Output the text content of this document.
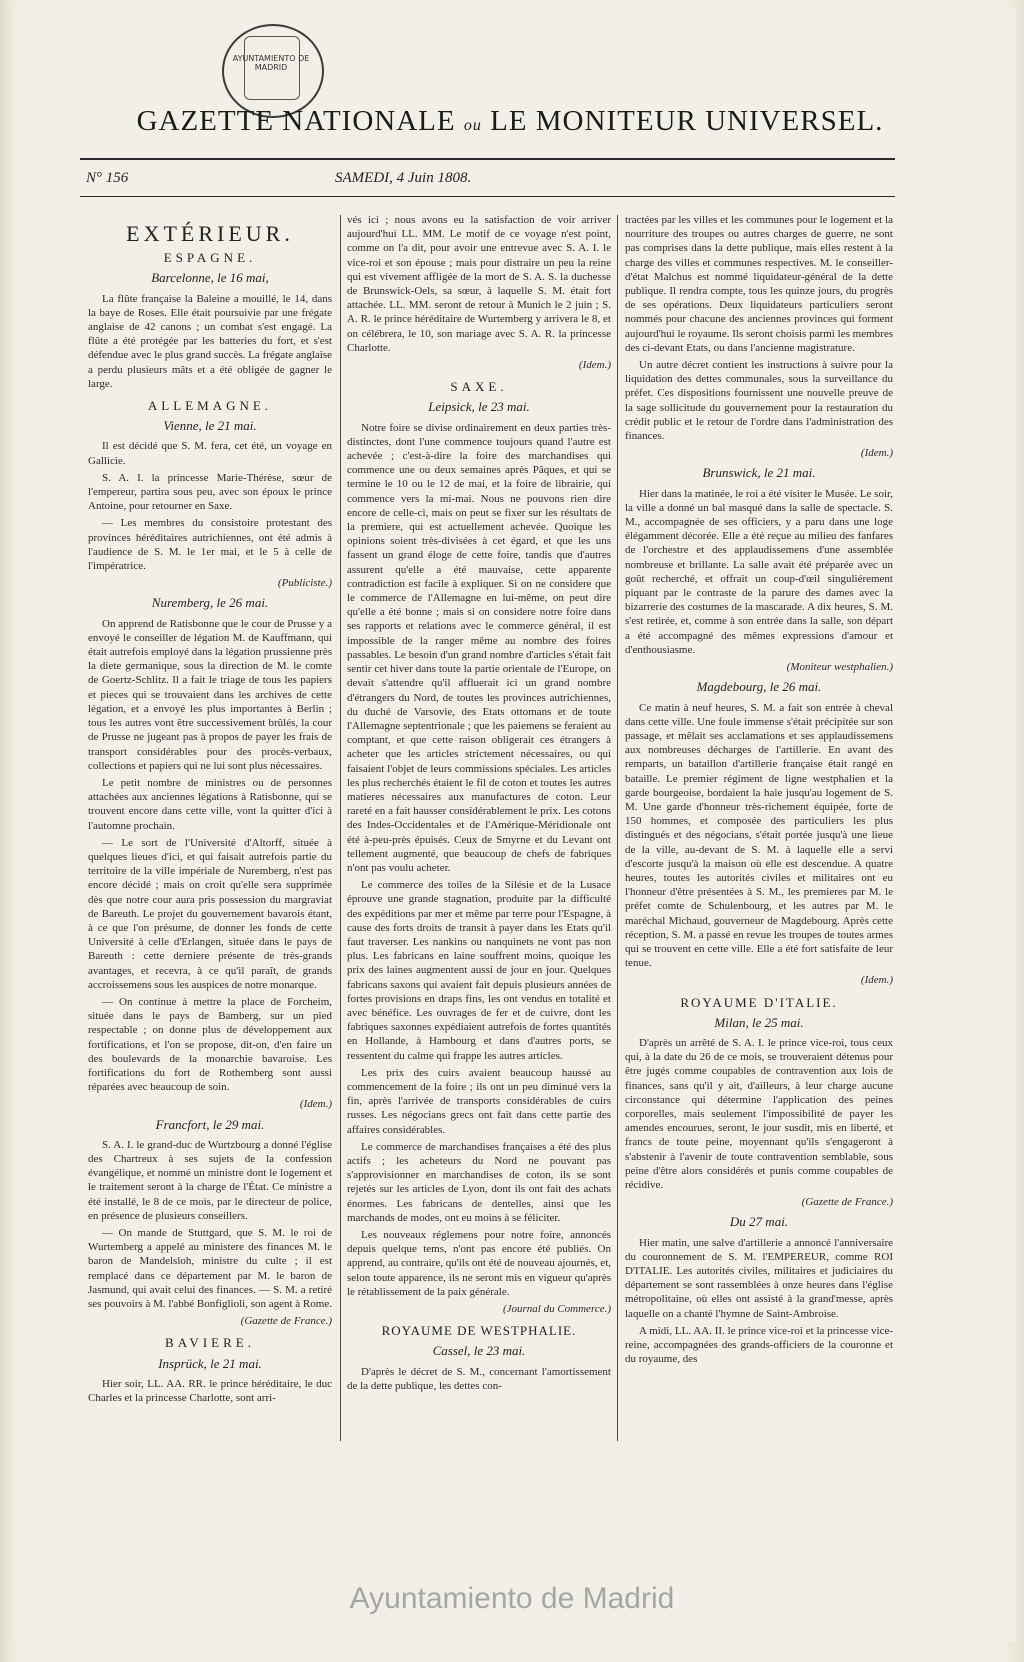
AYUNTAMIENTO DE MADRID
GAZETTE NATIONALE ou LE MONITEUR UNIVERSEL.
N° 156	SAMEDI, 4 Juin 1808.
EXTÉRIEUR.
ESPAGNE.
Barcelonne, le 16 mai,

La flûte française la Baleine a mouillé, le 14, dans la baye de Roses. Elle était poursuivie par une frégate anglaise de 42 canons ; un combat s'est engagé. La flûte a été protégée par les batteries du fort, et s'est défendue avec le plus grand succès. La frégate anglaise a perdu plusieurs mâts et a été obligée de gagner le large.

ALLEMAGNE.
Vienne, le 21 mai.

Il est décidé que S. M. fera, cet été, un voyage en Gallicie.

S. A. I. la princesse Marie-Thérèse, sœur de l'empereur, partira sous peu, avec son époux le prince Antoine, pour retourner en Saxe.

— Les membres du consistoire protestant des provinces héréditaires autrichiennes, ont été admis à l'audience de S. M. le 1er mai, et le 5 à celle de l'impératrice.

(Publiciste.)

Nuremberg, le 26 mai.

On apprend de Ratisbonne que le cour de Prusse y a envoyé le conseiller de légation M. de Kauffmann, qui était autrefois employé dans la légation prussienne près la diete germanique, sous la direction de M. le comte de Goertz-Schlitz. Il a fait le triage de tous les papiers et pieces qui se trouvaient dans les archives de cette légation, et a envoyé les plus importantes à Berlin ; tous les autres vont être successivement brûlés, la cour de Prusse ne jugeant pas à propos de payer les frais de transport considérables pour des procès-verbaux, collections et papiers qui ne lui sont plus nécessaires.

Le petit nombre de ministres ou de personnes attachées aux anciennes légations à Ratisbonne, qui se trouvent encore dans cette ville, vont la quitter d'ici à l'automne prochain.

— Le sort de l'Université d'Altorff, située à quelques lieues d'ici, et qui faisait autrefois partie du territoire de la ville impériale de Nuremberg, n'est pas encore décidé ; mais on croit qu'elle sera supprimée dès que notre cour aura pris possession du margraviat de Bareuth. Le projet du gouvernement bavarois étant, à ce que l'on présume, de donner les fonds de cette Université à celle d'Erlangen, située dans le pays de Bareuth : cette derniere présente de très-grands avantages, et recevra, à ce qu'il paraît, de grands accroissemens sous les auspices de notre monarque.

— On continue à mettre la place de Forcheim, située dans le pays de Bamberg, sur un pied respectable ; on donne plus de développement aux fortifications, et l'on se propose, dit-on, d'en faire un des boulevards de la monarchie bavaroise. Les fortifications du fort de Rothemberg sont aussi réparées avec beaucoup de soin.

(Idem.)

Francfort, le 29 mai.

S. A. I. le grand-duc de Wurtzbourg a donné l'église des Chartreux à ses sujets de la confession évangélique, et nommé un ministre dont le logement et le traitement seront à la charge de l'État. Ce ministre a été installé, le 8 de ce mois, par le directeur de police, en présence de plusieurs conseillers.

— On mande de Stuttgard, que S. M. le roi de Wurtemberg a appelé au ministere des finances M. le baron de Mandelsloh, ministre du culte ; il est remplacé dans ce département par M. le baron de Jasmund, qui avait celui des finances. — S. M. a retiré ses pouvoirs à M. l'abbé Bonfiglioli, son agent à Rome.

(Gazette de France.)

BAVIERE.
Insprück, le 21 mai.

Hier soir, LL. AA. RR. le prince héréditaire, le duc Charles et la princesse Charlotte, sont arri-

vés ici ; nous avons eu la satisfaction de voir arriver aujourd'hui LL. MM. Le motif de ce voyage n'est point, comme on l'a dit, pour avoir une entrevue avec S. A. I. le vice-roi et son épouse ; mais pour distraire un peu la reine qui est vivement affligée de la mort de S. A. S. la duchesse de Brunswick-Oels, sa sœur, à laquelle S. M. était fort attachée. LL. MM. seront de retour à Munich le 2 juin ; S. A. R. le prince héréditaire de Wurtemberg y arrivera le 8, et on célébrera, le 10, son mariage avec S. A. R. la princesse Charlotte.

(Idem.)

SAXE.
Leipsick, le 23 mai.

Notre foire se divise ordinairement en deux parties très-distinctes, dont l'une commence toujours quand l'autre est achevée ; c'est-à-dire la foire des marchandises qui commence une ou deux semaines après Pâques, et qui se termine le 10 ou le 12 de mai, et la foire de librairie, qui commence vers la mi-mai. Nous ne pouvons rien dire encore de celle-ci, mais on peut se fixer sur les résultats de la premiere, qui est actuellement achevée. Quoique les opinions soient très-divisées à cet égard, et que les uns fassent un grand éloge de cette foire, tandis que d'autres assurent qu'elle a été mauvaise, cette apparente contradiction est facile à expliquer. Si on ne considere que le commerce de l'Allemagne en lui-même, on peut dire qu'elle a été bonne ; mais si on considere notre foire dans ses rapports et relations avec le commerce général, il est impossible de la ranger même au nombre des foires passables. Le besoin d'un grand nombre d'articles s'était fait sentir cet hiver dans toute la partie orientale de l'Europe, on devait s'attendre qu'il affluerait ici un grand nombre d'étrangers du Nord, de toutes les provinces autrichiennes, du duché de Varsovie, des Etats ottomans et de toute l'Allemagne septentrionale ; que les paiemens se feraient au comptant, et que cette raison obligerait ces étrangers à acheter que les articles strictement nécessaires, ou qui faisaient l'objet de leurs commissions spéciales. Les articles les plus recherchés étaient le fil de coton et toutes les autres matieres nécessaires aux manufactures de coton. Leur rareté en a fait hausser considérablement le prix. Les cotons des Indes-Occidentales et de l'Amérique-Méridionale ont été à-peu-près épuisés. Ceux de Smyrne et du Levant ont tellement augmenté, que beaucoup de chefs de fabriques n'ont pas voulu acheter.

Le commerce des toiles de la Silésie et de la Lusace éprouve une grande stagnation, produite par la difficulté des expéditions par mer et même par terre pour l'Espagne, à cause des forts droits de transit à payer dans les Etats qu'il faut traverser. Les nankins ou nanquinets ne vont pas non plus. Les fabricans en laine souffrent moins, quoique les prix des laines augmentent aussi de jour en jour. Quelques fabricans saxons qui avaient fait depuis plusieurs années de fortes provisions en draps fins, les ont vendus en totalité et avec bénéfice. Les ouvrages de fer et de cuivre, dont les fabriques saxonnes expédiaient autrefois de fortes quantités en Hollande, à Hambourg et dans d'autres ports, se ressentent du calme qui frappe les autres articles.

Les prix des cuirs avaient beaucoup haussé au commencement de la foire ; ils ont un peu diminué vers la fin, après l'arrivée de transports considérables de cuirs russes. Les négocians grecs ont fait dans cette partie des affaires considérables.

Le commerce de marchandises françaises a été des plus actifs ; les acheteurs du Nord ne pouvant pas s'approvisionner en marchandises de coton, ils se sont rejetés sur les articles de Lyon, dont ils ont fait des achats énormes. Les fabricans de dentelles, ainsi que les marchands de modes, ont eu moins à se féliciter.

Les nouveaux réglemens pour notre foire, annoncés depuis quelque tems, n'ont pas encore été publiés. On apprend, au contraire, qu'ils ont été de nouveau ajournés, et, selon toute apparence, ils ne seront mis en vigueur qu'après le rétablissement de la paix générale.

(Journal du Commerce.)

ROYAUME DE WESTPHALIE.
Cassel, le 23 mai.

D'après le décret de S. M., concernant l'amortissement de la dette publique, les dettes con-

tractées par les villes et les communes pour le logement et la nourriture des troupes ou autres charges de guerre, ne sont pas comprises dans la dette publique, mais elles restent à la charge des villes et communes respectives. M. le conseiller-d'état Malchus est nommé liquidateur-général de la dette publique. Il rendra compte, tous les quinze jours, du progrès de ses opérations. Deux liquidateurs particuliers seront nommés pour chacune des anciennes provinces qui forment aujourd'hui le royaume. Ils seront choisis parmi les membres des ci-devant Etats, ou dans l'ancienne magistrature.

Un autre décret contient les instructions à suivre pour la liquidation des dettes communales, sous la surveillance du préfet. Ces dispositions fournissent une nouvelle preuve de la sage sollicitude du gouvernement pour la restauration du crédit public et le retour de l'ordre dans l'administration des finances.

(Idem.)

Brunswick, le 21 mai.

Hier dans la matinée, le roi a été visiter le Musée. Le soir, la ville a donné un bal masqué dans la salle de spectacle. S. M., accompagnée de ses officiers, y a paru dans une loge élégamment décorée. Elle a été reçue au milieu des fanfares de l'orchestre et des applaudissemens d'une assemblée nombreuse et brillante. La salle avait été préparée avec un goût recherché, et offrait un coup-d'œil singuliérement piquant par le contraste de la parure des dames avec la bizarrerie des costumes de la mascarade. A dix heures, S. M. s'est retirée, et, comme à son entrée dans la salle, son départ a été accompagné des mêmes expressions d'amour et d'enthousiasme.

(Moniteur westphalien.)

Magdebourg, le 26 mai.

Ce matin à neuf heures, S. M. a fait son entrée à cheval dans cette ville. Une foule immense s'était précipitée sur son passage, et mêlait ses acclamations et ses applaudissemens aux nombreuses décharges de l'artillerie. En avant des remparts, un bataillon d'artillerie française était rangé en bataille. Le premier régiment de ligne westphalien et la garde bourgeoise, bordaient la haie jusqu'au logement de S. M. Une garde d'honneur très-richement équipée, forte de 150 hommes, et composée des particuliers les plus distingués et des négocians, s'était portée jusqu'à une lieue de la ville, au-devant de S. M. à laquelle elle a servi d'escorte jusqu'à la maison où elle est descendue. A quatre heures, toutes les autorités civiles et militaires ont eu l'honneur d'être présentées à S. M., les premieres par M. le préfet comte de Schulenbourg, et les autres par M. le maréchal Michaud, gouverneur de Magdebourg. Après cette réception, S. M. a passé en revue les troupes de toutes armes qui se trouvent en cette ville. Elle a été fort satisfaite de leur tenue.

(Idem.)

ROYAUME D'ITALIE.
Milan, le 25 mai.

D'après un arrêté de S. A. I. le prince vice-roi, tous ceux qui, à la date du 26 de ce mois, se trouveraient détenus pour être jugés comme coupables de contravention aux lois de finances, sans qu'il y ait, d'ailleurs, à leur charge aucune circonstance qui détermine l'application des peines corporelles, mais seulement l'impossibilité de payer les amendes encourues, seront, le jour susdit, mis en liberté, et francs de toute peine, moyennant qu'ils s'engageront à s'abstenir à l'avenir de toute contravention semblable, sous peine d'être alors considérés et punis comme coupables de récidive.

(Gazette de France.)

Du 27 mai.

Hier matin, une salve d'artillerie a annoncé l'anniversaire du couronnement de S. M. l'EMPEREUR, comme ROI D'ITALIE. Les autorités civiles, militaires et judiciaires du département se sont rassemblées à onze heures dans l'église métropolitaine, où elles ont assisté à la grand'messe, après laquelle on a chanté l'hymne de Saint-Ambroise.

A midi, LL. AA. II. le prince vice-roi et la princesse vice-reine, accompagnées des grands-officiers de la couronne et du royaume, des

Ayuntamiento de Madrid
